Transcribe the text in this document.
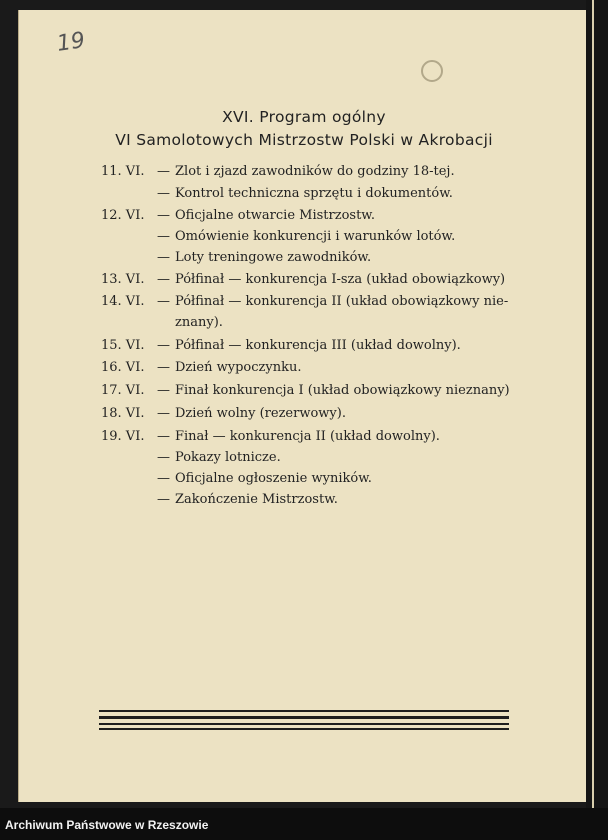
19
XVI. Program ogólny
VI Samolotowych Mistrzostw Polski w Akrobacji
11. VI. — Zlot i zjazd zawodników do godziny 18-tej.
— Kontrol techniczna sprzętu i dokumentów.
12. VI. — Oficjalne otwarcie Mistrzostw.
— Omówienie konkurencji i warunków lotów.
— Loty treningowe zawodników.
13. VI. — Półfinał — konkurencja I-sza (układ obowiązkowy)
14. VI. — Półfinał — konkurencja II (układ obowiązkowy nie-
znany).
15. VI. — Półfinał — konkurencja III (układ dowolny).
16. VI. — Dzień wypoczynku.
17. VI. — Finał konkurencja I (układ obowiązkowy nieznany)
18. VI. — Dzień wolny (rezerwowy).
19. VI. — Finał — konkurencja II (układ dowolny).
— Pokazy lotnicze.
— Oficjalne ogłoszenie wyników.
— Zakończenie Mistrzostw.
Archiwum Państwowe w Rzeszowie
